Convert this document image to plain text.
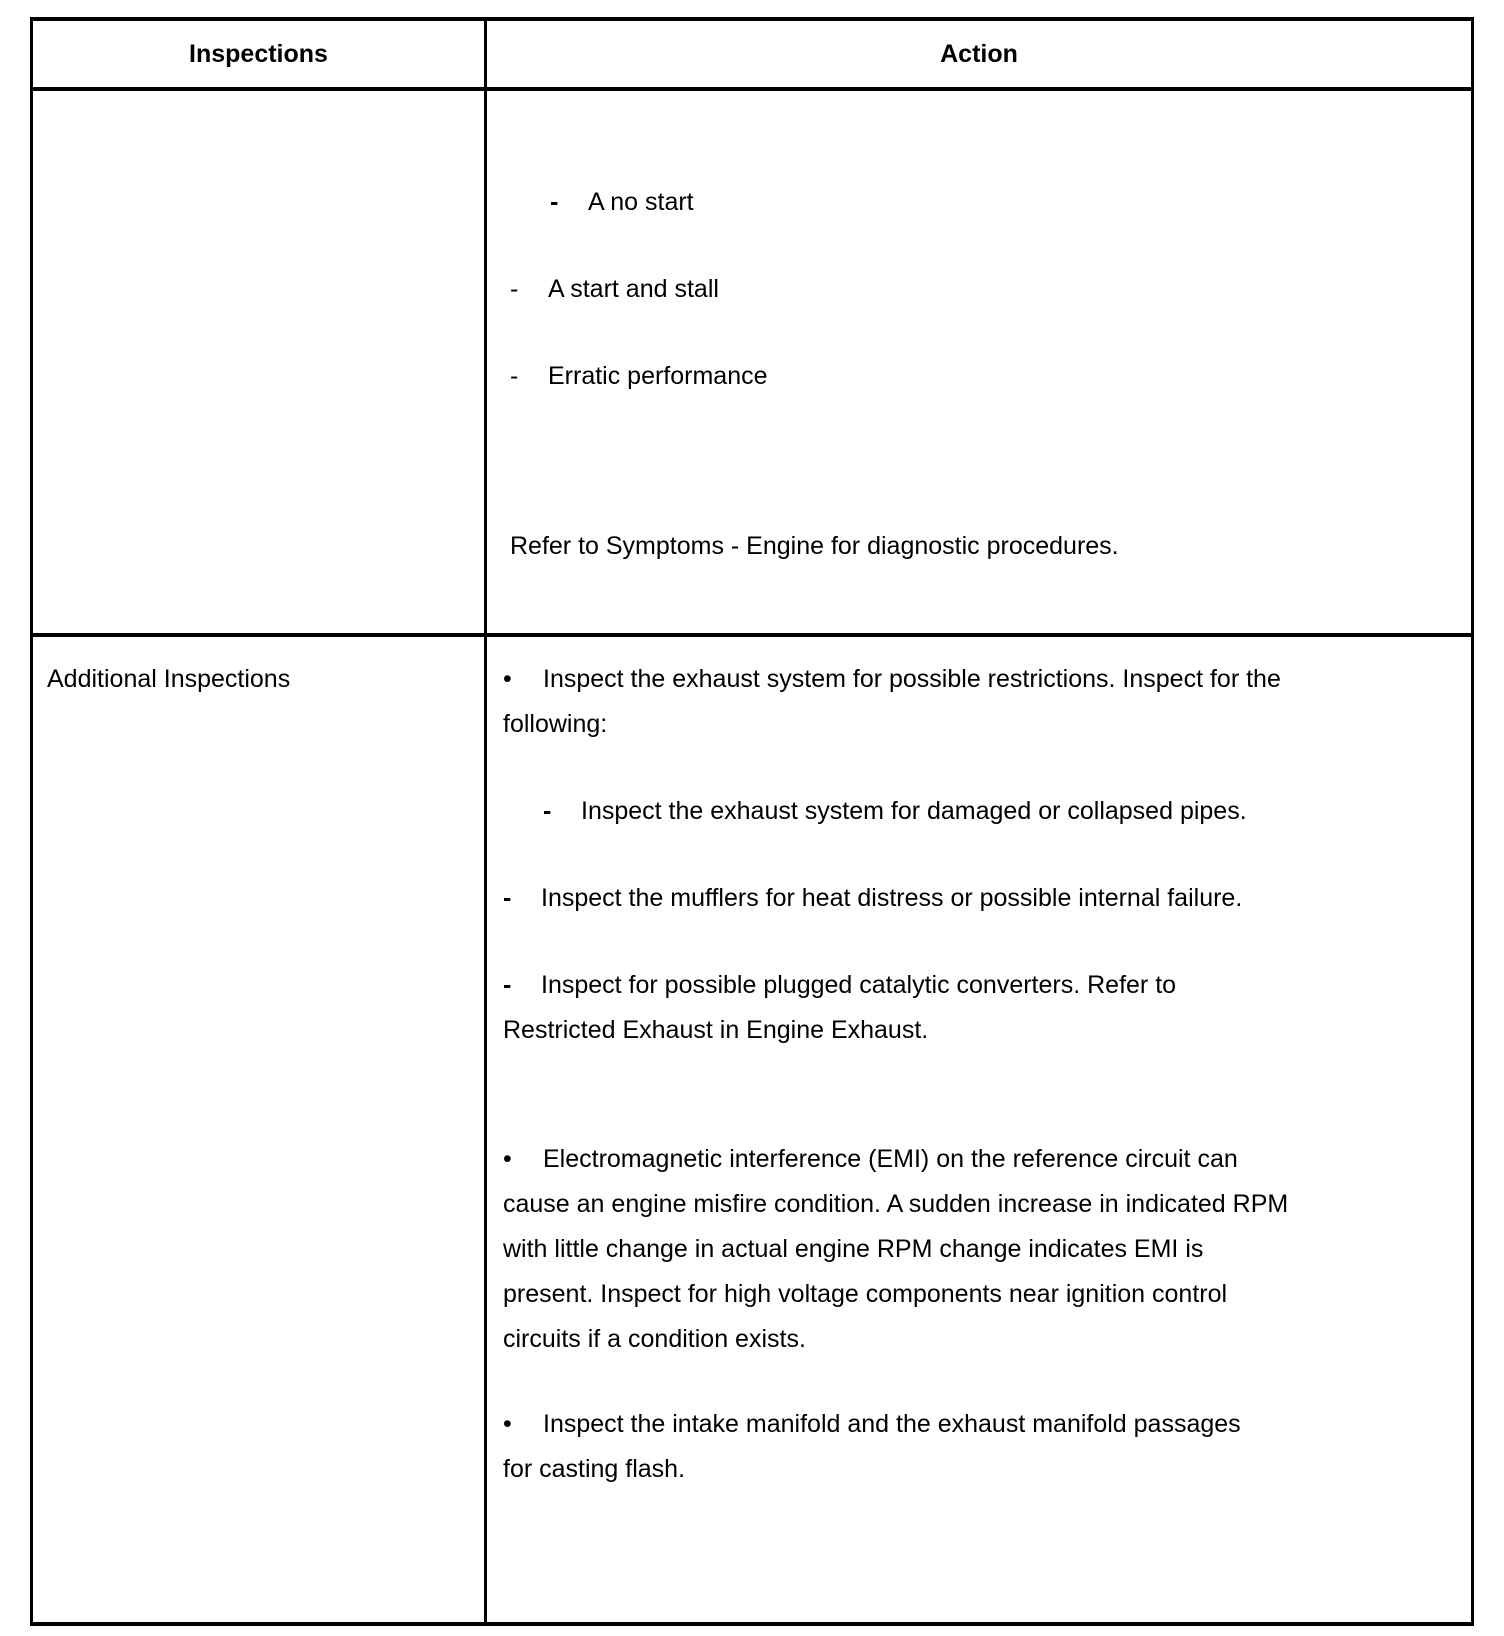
Inspections	Action
- A no start
- A start and stall
- Erratic performance
Refer to Symptoms - Engine for diagnostic procedures.
Additional Inspections	• Inspect the exhaust system for possible restrictions. Inspect for the
following:
- Inspect the exhaust system for damaged or collapsed pipes.
- Inspect the mufflers for heat distress or possible internal failure.
- Inspect for possible plugged catalytic converters. Refer to
Restricted Exhaust in Engine Exhaust.
• Electromagnetic interference (EMI) on the reference circuit can
cause an engine misfire condition. A sudden increase in indicated RPM
with little change in actual engine RPM change indicates EMI is
present. Inspect for high voltage components near ignition control
circuits if a condition exists.
• Inspect the intake manifold and the exhaust manifold passages
for casting flash.
